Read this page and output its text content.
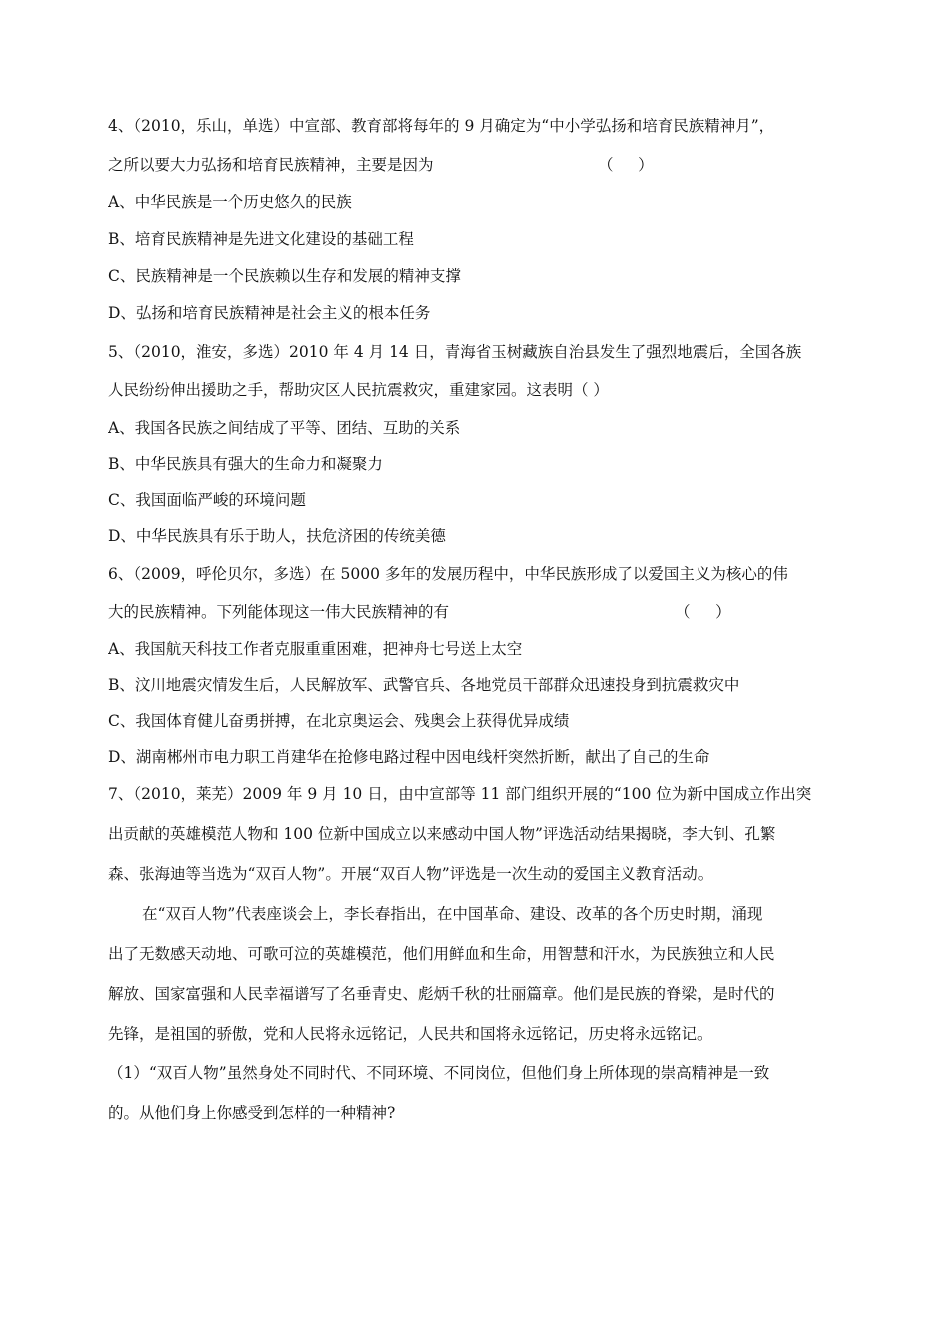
4、（2010，乐山，单选）中宣部、教育部将每年的 9 月确定为“中小学弘扬和培育民族精神月”，
之所以要大力弘扬和培育民族精神，主要是因为	（     ）
A、中华民族是一个历史悠久的民族
B、培育民族精神是先进文化建设的基础工程
C、民族精神是一个民族赖以生存和发展的精神支撑
D、弘扬和培育民族精神是社会主义的根本任务
5、（2010，淮安，多选）2010 年 4 月 14 日，青海省玉树藏族自治县发生了强烈地震后，全国各族
人民纷纷伸出援助之手，帮助灾区人民抗震救灾，重建家园。这表明（ ）
A、我国各民族之间结成了平等、团结、互助的关系
B、中华民族具有强大的生命力和凝聚力
C、我国面临严峻的环境问题
D、中华民族具有乐于助人，扶危济困的传统美德
6、（2009，呼伦贝尔，多选）在 5000 多年的发展历程中，中华民族形成了以爱国主义为核心的伟
大的民族精神。下列能体现这一伟大民族精神的有	（     ）
A、我国航天科技工作者克服重重困难，把神舟七号送上太空
B、汶川地震灾情发生后，人民解放军、武警官兵、各地党员干部群众迅速投身到抗震救灾中
C、我国体育健儿奋勇拼搏，在北京奥运会、残奥会上获得优异成绩
D、湖南郴州市电力职工肖建华在抢修电路过程中因电线杆突然折断，献出了自己的生命
7、（2010，莱芜）2009 年 9 月 10 日，由中宣部等 11 部门组织开展的“100 位为新中国成立作出突
出贡献的英雄模范人物和 100 位新中国成立以来感动中国人物”评选活动结果揭晓，李大钊、孔繁
森、张海迪等当选为“双百人物”。开展“双百人物”评选是一次生动的爱国主义教育活动。
在“双百人物”代表座谈会上，李长春指出，在中国革命、建设、改革的各个历史时期，涌现
出了无数感天动地、可歌可泣的英雄模范，他们用鲜血和生命，用智慧和汗水，为民族独立和人民
解放、国家富强和人民幸福谱写了名垂青史、彪炳千秋的壮丽篇章。他们是民族的脊梁，是时代的
先锋，是祖国的骄傲，党和人民将永远铭记，人民共和国将永远铭记，历史将永远铭记。
（1）“双百人物”虽然身处不同时代、不同环境、不同岗位，但他们身上所体现的崇高精神是一致
的。从他们身上你感受到怎样的一种精神?
